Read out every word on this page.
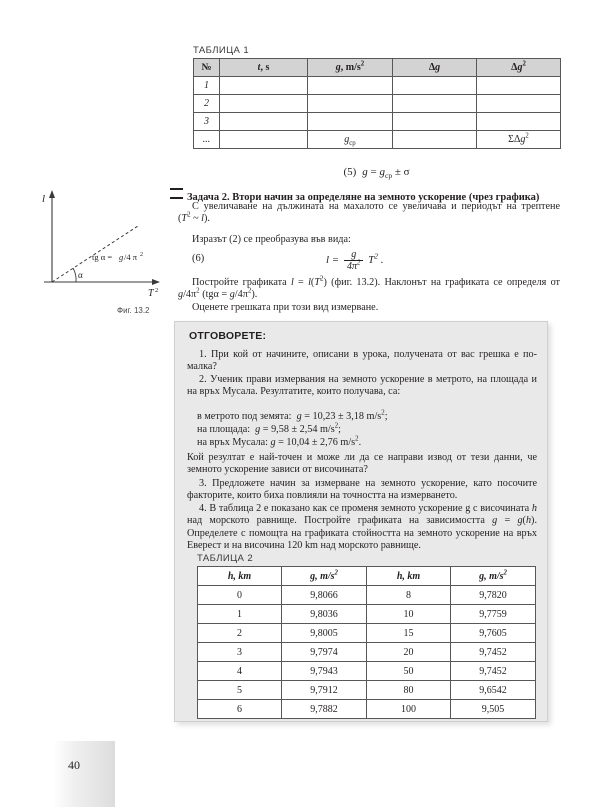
ТАБЛИЦА 1
№	t, s	g, $m/s^2$	Δg	$\Delta g^2$
1				
2				
3				
...		$g_{ср}$		ΣΔg$^2$
(5) $g = g_{ср} \pm \sigma$
l
T 2
α
tg α = g /4 π 2
Фиг. 13.2
Задача 2. Втори начин за определяне на земното ускорение (чрез графика)
С увеличаване на дължината на махалото се увеличава и периодът на трептене ($T^2$ ~ l).
Изразът (2) се преобразува във вида:
(6)	$l = \frac{g}{4\pi^2} T^2$ .
Постройте графиката $l = l(T^2)$ (фиг. 13.2). Наклонът на графиката се определя от $g/4\pi^2$ $(tg\alpha = g/4\pi^2)$.
Оценете грешката при този вид измерване.
ОТГОВОРЕТЕ:
1. При кой от начините, описани в урока, получената от вас грешка е по-малка?
2. Ученик прави измервания на земното ускорение в метрото, на площада и на връх Мусала. Резултатите, които получава, са:
в метрото под земята:  g = 10,23 ± 3,18 $m/s^2$;
на площада:  g = 9,58 ± 2,54 $m/s^2$;
на връх Мусала: g = 10,04 ± 2,76 $m/s^2$.
Кой резултат е най-точен и може ли да се направи извод от тези данни, че земното ускорение зависи от височината?
3. Предложете начин за измерване на земното ускорение, като посочите факторите, които биха повлияли на точността на измерването.
4. В таблица 2 е показано как се променя земното ускорение g с височината h над морското равнище. Постройте графиката на зависимостта g = g(h). Определете с помощта на графиката стойността на земното ускорение на връх Еверест и на височина 120 km над морското равнище.
ТАБЛИЦА 2
h, km	g, $m/s^2$	h, km	g, $m/s^2$
0	9,8066	8	9,7820
1	9,8036	10	9,7759
2	9,8005	15	9,7605
3	9,7974	20	9,7452
4	9,7943	50	9,7452
5	9,7912	80	9,6542
6	9,7882	100	9,505
40
